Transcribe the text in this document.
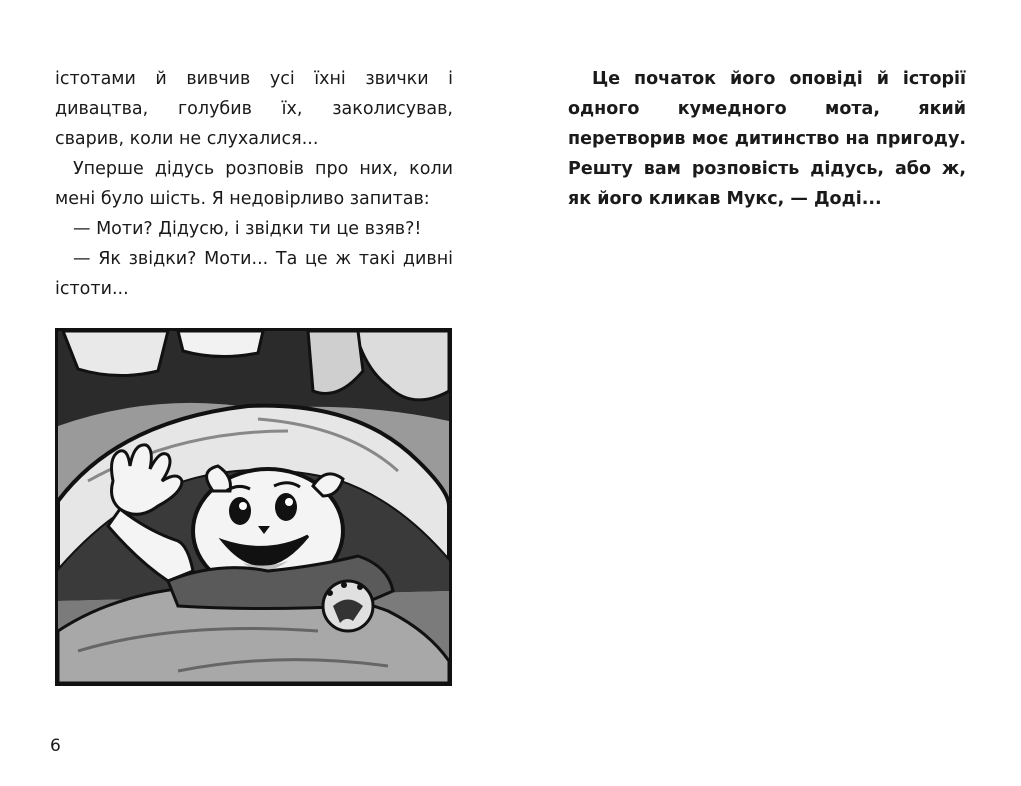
істотами й вивчив усі їхні звички і дивацтва, голубив їх, заколисував, сварив, коли не слухалися...

Уперше дідусь розповів про них, коли мені було шість. Я недовірливо запитав:

— Моти? Дідусю, і звідки ти це взяв?!

— Як звідки? Моти... Та це ж такі дивні істоти...

Це початок його оповіді й історії одного кумедного мота, який перетворив моє дитинство на пригоду. Решту вам розповість дідусь, або ж, як його кликав Мукс, — Доді...

6
